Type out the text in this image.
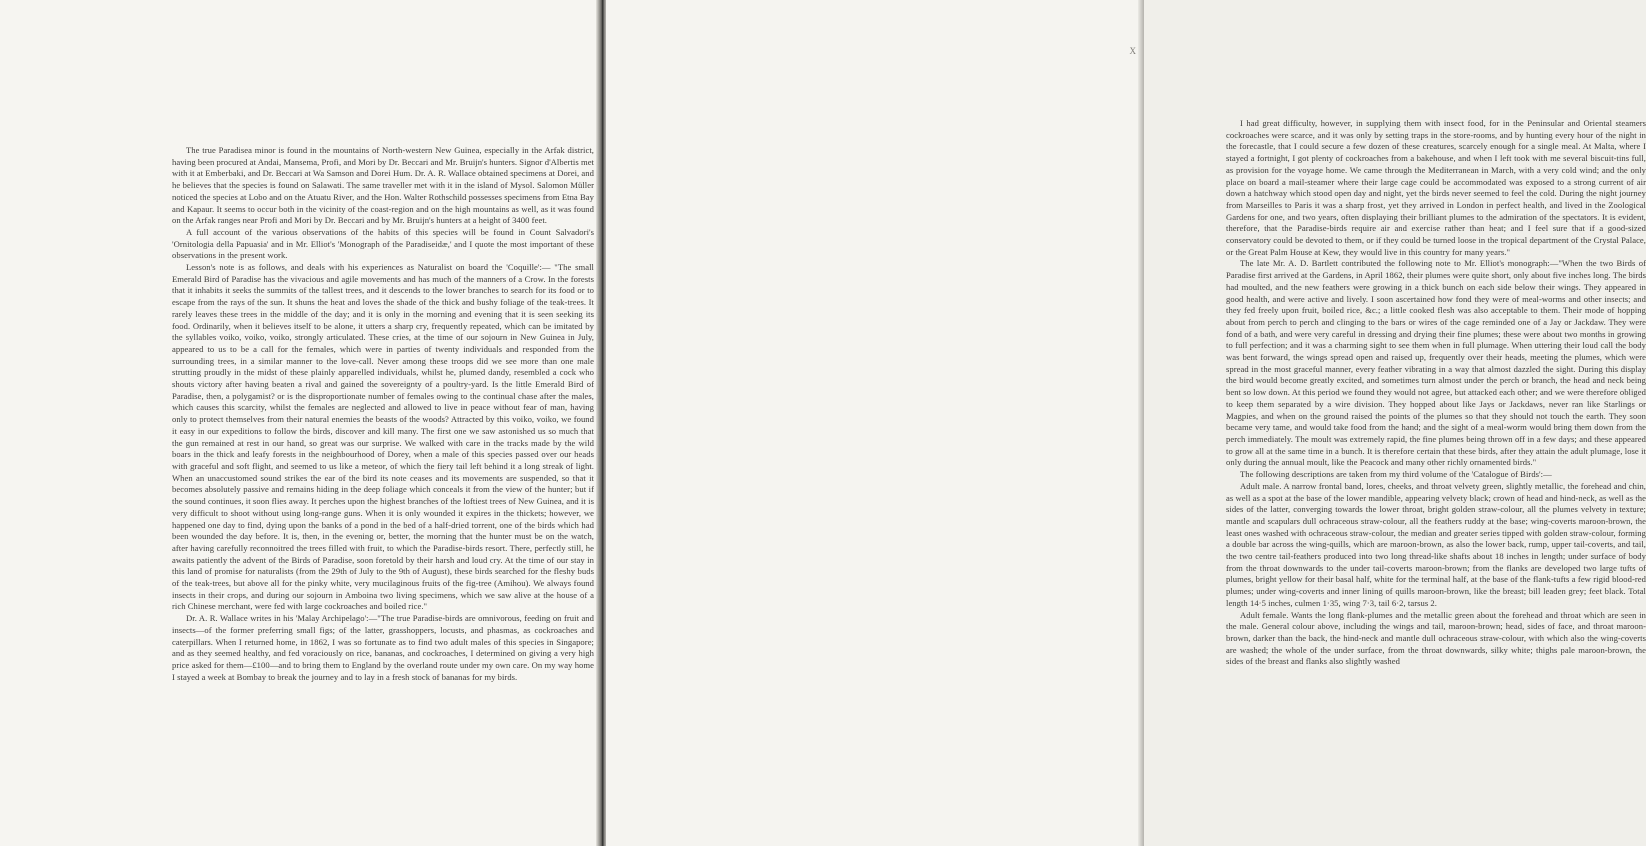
The true Paradisea minor is found in the mountains of North-western New Guinea, especially in the Arfak district, having been procured at Andai, Mansema, Profi, and Mori by Dr. Beccari and Mr. Bruijn's hunters. Signor d'Albertis met with it at Emberbaki, and Dr. Beccari at Wa Samson and Dorei Hum. Dr. A. R. Wallace obtained specimens at Dorei, and he believes that the species is found on Salawati. The same traveller met with it in the island of Mysol. Salomon Müller noticed the species at Lobo and on the Atuatu River, and the Hon. Walter Rothschild possesses specimens from Etna Bay and Kapaur. It seems to occur both in the vicinity of the coast-region and on the high mountains as well, as it was found on the Arfak ranges near Profi and Mori by Dr. Beccari and by Mr. Bruijn's hunters at a height of 3400 feet.

A full account of the various observations of the habits of this species will be found in Count Salvadori's 'Ornitologia della Papuasia' and in Mr. Elliot's 'Monograph of the Paradiseidæ,' and I quote the most important of these observations in the present work.

Lesson's note is as follows, and deals with his experiences as Naturalist on board the 'Coquille':— "The small Emerald Bird of Paradise has the vivacious and agile movements and has much of the manners of a Crow. In the forests that it inhabits it seeks the summits of the tallest trees, and it descends to the lower branches to search for its food or to escape from the rays of the sun. It shuns the heat and loves the shade of the thick and bushy foliage of the teak-trees. It rarely leaves these trees in the middle of the day; and it is only in the morning and evening that it is seen seeking its food. Ordinarily, when it believes itself to be alone, it utters a sharp cry, frequently repeated, which can be imitated by the syllables voiko, voiko, voiko, strongly articulated. These cries, at the time of our sojourn in New Guinea in July, appeared to us to be a call for the females, which were in parties of twenty individuals and responded from the surrounding trees, in a similar manner to the love-call. Never among these troops did we see more than one male strutting proudly in the midst of these plainly apparelled individuals, whilst he, plumed dandy, resembled a cock who shouts victory after having beaten a rival and gained the sovereignty of a poultry-yard. Is the little Emerald Bird of Paradise, then, a polygamist? or is the disproportionate number of females owing to the continual chase after the males, which causes this scarcity, whilst the females are neglected and allowed to live in peace without fear of man, having only to protect themselves from their natural enemies the beasts of the woods? Attracted by this voiko, voiko, we found it easy in our expeditions to follow the birds, discover and kill many. The first one we saw astonished us so much that the gun remained at rest in our hand, so great was our surprise. We walked with care in the tracks made by the wild boars in the thick and leafy forests in the neighbourhood of Dorey, when a male of this species passed over our heads with graceful and soft flight, and seemed to us like a meteor, of which the fiery tail left behind it a long streak of light. When an unaccustomed sound strikes the ear of the bird its note ceases and its movements are suspended, so that it becomes absolutely passive and remains hiding in the deep foliage which conceals it from the view of the hunter; but if the sound continues, it soon flies away. It perches upon the highest branches of the loftiest trees of New Guinea, and it is very difficult to shoot without using long-range guns. When it is only wounded it expires in the thickets; however, we happened one day to find, dying upon the banks of a pond in the bed of a half-dried torrent, one of the birds which had been wounded the day before. It is, then, in the evening or, better, the morning that the hunter must be on the watch, after having carefully reconnoitred the trees filled with fruit, to which the Paradise-birds resort. There, perfectly still, he awaits patiently the advent of the Birds of Paradise, soon foretold by their harsh and loud cry. At the time of our stay in this land of promise for naturalists (from the 29th of July to the 9th of August), these birds searched for the fleshy buds of the teak-trees, but above all for the pinky white, very mucilaginous fruits of the fig-tree (Amihou). We always found insects in their crops, and during our sojourn in Amboina two living specimens, which we saw alive at the house of a rich Chinese merchant, were fed with large cockroaches and boiled rice."

Dr. A. R. Wallace writes in his 'Malay Archipelago':—"The true Paradise-birds are omnivorous, feeding on fruit and insects—of the former preferring small figs; of the latter, grasshoppers, locusts, and phasmas, as cockroaches and caterpillars. When I returned home, in 1862, I was so fortunate as to find two adult males of this species in Singapore; and as they seemed healthy, and fed voraciously on rice, bananas, and cockroaches, I determined on giving a very high price asked for them—£100—and to bring them to England by the overland route under my own care. On my way home I stayed a week at Bombay to break the journey and to lay in a fresh stock of bananas for my birds.

I had great difficulty, however, in supplying them with insect food, for in the Peninsular and Oriental steamers cockroaches were scarce, and it was only by setting traps in the store-rooms, and by hunting every hour of the night in the forecastle, that I could secure a few dozen of these creatures, scarcely enough for a single meal. At Malta, where I stayed a fortnight, I got plenty of cockroaches from a bakehouse, and when I left took with me several biscuit-tins full, as provision for the voyage home. We came through the Mediterranean in March, with a very cold wind; and the only place on board a mail-steamer where their large cage could be accommodated was exposed to a strong current of air down a hatchway which stood open day and night, yet the birds never seemed to feel the cold. During the night journey from Marseilles to Paris it was a sharp frost, yet they arrived in London in perfect health, and lived in the Zoological Gardens for one, and two years, often displaying their brilliant plumes to the admiration of the spectators. It is evident, therefore, that the Paradise-birds require air and exercise rather than heat; and I feel sure that if a good-sized conservatory could be devoted to them, or if they could be turned loose in the tropical department of the Crystal Palace, or the Great Palm House at Kew, they would live in this country for many years."

The late Mr. A. D. Bartlett contributed the following note to Mr. Elliot's monograph:—"When the two Birds of Paradise first arrived at the Gardens, in April 1862, their plumes were quite short, only about five inches long. The birds had moulted, and the new feathers were growing in a thick bunch on each side below their wings. They appeared in good health, and were active and lively. I soon ascertained how fond they were of meal-worms and other insects; and they fed freely upon fruit, boiled rice, &c.; a little cooked flesh was also acceptable to them. Their mode of hopping about from perch to perch and clinging to the bars or wires of the cage reminded one of a Jay or Jackdaw. They were fond of a bath, and were very careful in dressing and drying their fine plumes; these were about two months in growing to full perfection; and it was a charming sight to see them when in full plumage. When uttering their loud call the body was bent forward, the wings spread open and raised up, frequently over their heads, meeting the plumes, which were spread in the most graceful manner, every feather vibrating in a way that almost dazzled the sight. During this display the bird would become greatly excited, and sometimes turn almost under the perch or branch, the head and neck being bent so low down. At this period we found they would not agree, but attacked each other; and we were therefore obliged to keep them separated by a wire division. They hopped about like Jays or Jackdaws, never ran like Starlings or Magpies, and when on the ground raised the points of the plumes so that they should not touch the earth. They soon became very tame, and would take food from the hand; and the sight of a meal-worm would bring them down from the perch immediately. The moult was extremely rapid, the fine plumes being thrown off in a few days; and these appeared to grow all at the same time in a bunch. It is therefore certain that these birds, after they attain the adult plumage, lose it only during the annual moult, like the Peacock and many other richly ornamented birds."

The following descriptions are taken from my third volume of the 'Catalogue of Birds':—

Adult male. A narrow frontal band, lores, cheeks, and throat velvety green, slightly metallic, the forehead and chin, as well as a spot at the base of the lower mandible, appearing velvety black; crown of head and hind-neck, as well as the sides of the latter, converging towards the lower throat, bright golden straw-colour, all the plumes velvety in texture; mantle and scapulars dull ochraceous straw-colour, all the feathers ruddy at the base; wing-coverts maroon-brown, the least ones washed with ochraceous straw-colour, the median and greater series tipped with golden straw-colour, forming a double bar across the wing-quills, which are maroon-brown, as also the lower back, rump, upper tail-coverts, and tail, the two centre tail-feathers produced into two long thread-like shafts about 18 inches in length; under surface of body from the throat downwards to the under tail-coverts maroon-brown; from the flanks are developed two large tufts of plumes, bright yellow for their basal half, white for the terminal half, at the base of the flank-tufts a few rigid blood-red plumes; under wing-coverts and inner lining of quills maroon-brown, like the breast; bill leaden grey; feet black. Total length 14·5 inches, culmen 1·35, wing 7·3, tail 6·2, tarsus 2.

Adult female. Wants the long flank-plumes and the metallic green about the forehead and throat which are seen in the male. General colour above, including the wings and tail, maroon-brown; head, sides of face, and throat maroon-brown, darker than the back, the hind-neck and mantle dull ochraceous straw-colour, with which also the wing-coverts are washed; the whole of the under surface, from the throat downwards, silky white; thighs pale maroon-brown, the sides of the breast and flanks also slightly washed

X
